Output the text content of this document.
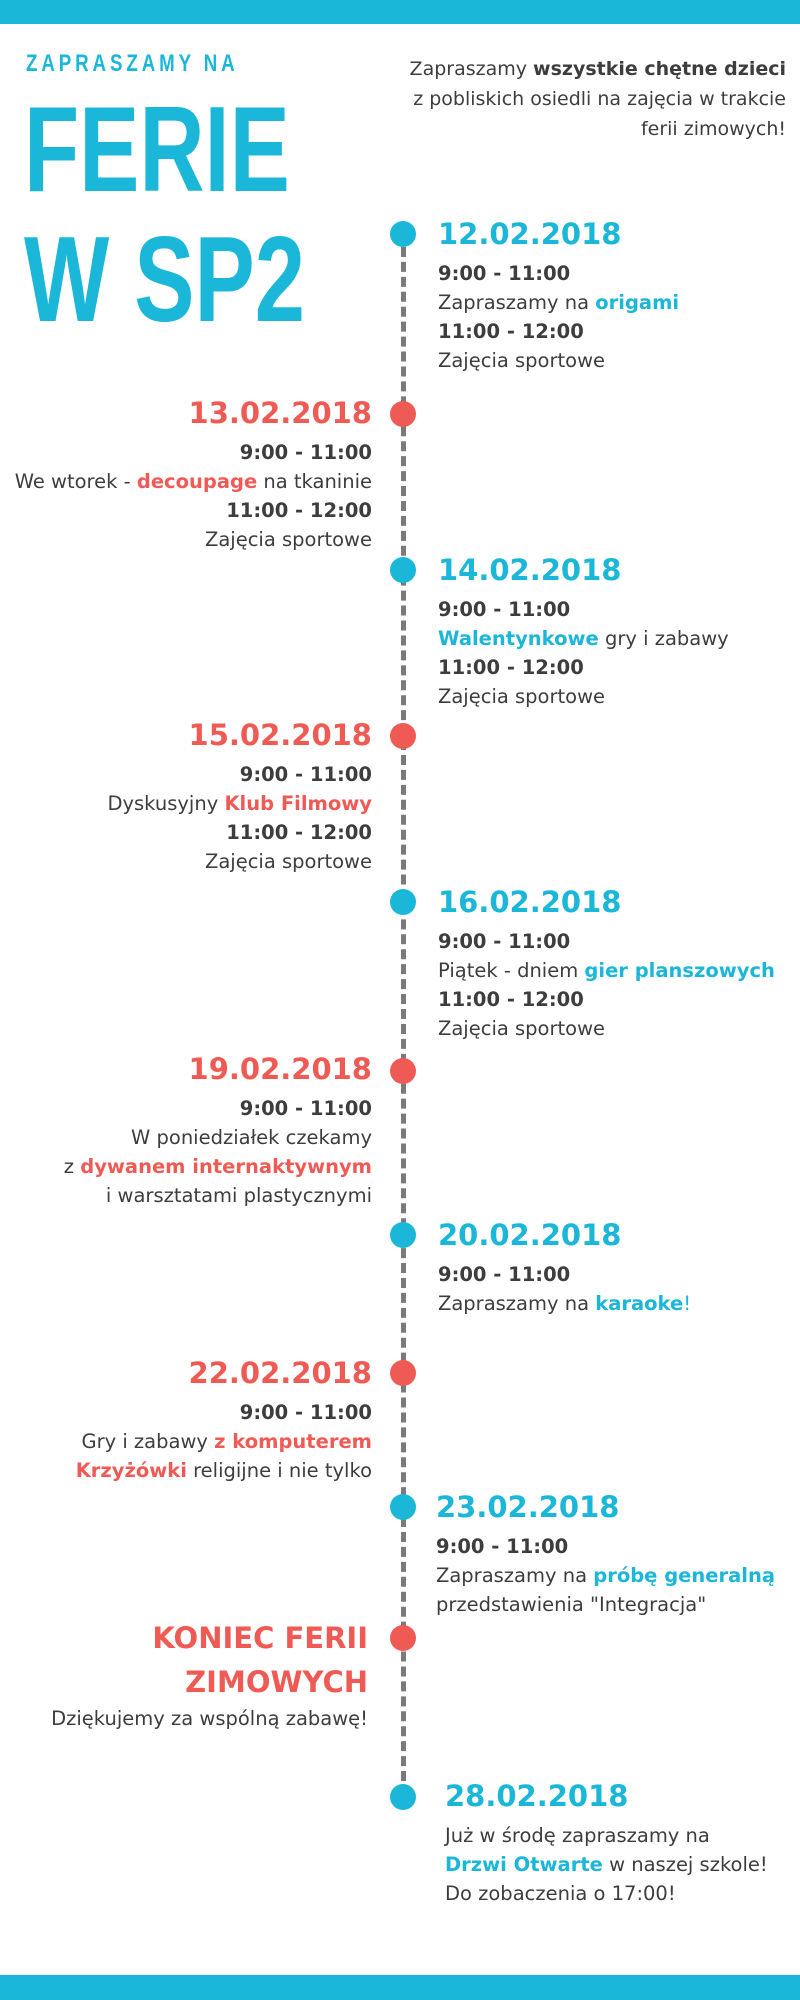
ZAPRASZAMY NA

FERIE
W SP2

Zapraszamy wszystkie chętne dzieci
z pobliskich osiedli na zajęcia w trakcie
ferii zimowych!

12.02.2018

9:00 - 11:00

Zapraszamy na origami

11:00 - 12:00

Zajęcia sportowe

13.02.2018

9:00 - 11:00

We wtorek - decoupage na tkaninie

11:00 - 12:00

Zajęcia sportowe

14.02.2018

9:00 - 11:00

Walentynkowe gry i zabawy

11:00 - 12:00

Zajęcia sportowe

15.02.2018

9:00 - 11:00

Dyskusyjny Klub Filmowy

11:00 - 12:00

Zajęcia sportowe

16.02.2018

9:00 - 11:00

Piątek - dniem gier planszowych

11:00 - 12:00

Zajęcia sportowe

19.02.2018

9:00 - 11:00

W poniedziałek czekamy

z dywanem internaktywnym

i warsztatami plastycznymi

20.02.2018

9:00 - 11:00

Zapraszamy na karaoke!

22.02.2018

9:00 - 11:00

Gry i zabawy z komputerem

Krzyżówki religijne i nie tylko

23.02.2018

9:00 - 11:00

Zapraszamy na próbę generalną

przedstawienia "Integracja"

KONIEC FERII

ZIMOWYCH

Dziękujemy za wspólną zabawę!

28.02.2018

Już w środę zapraszamy na

Drzwi Otwarte w naszej szkole!

Do zobaczenia o 17:00!
